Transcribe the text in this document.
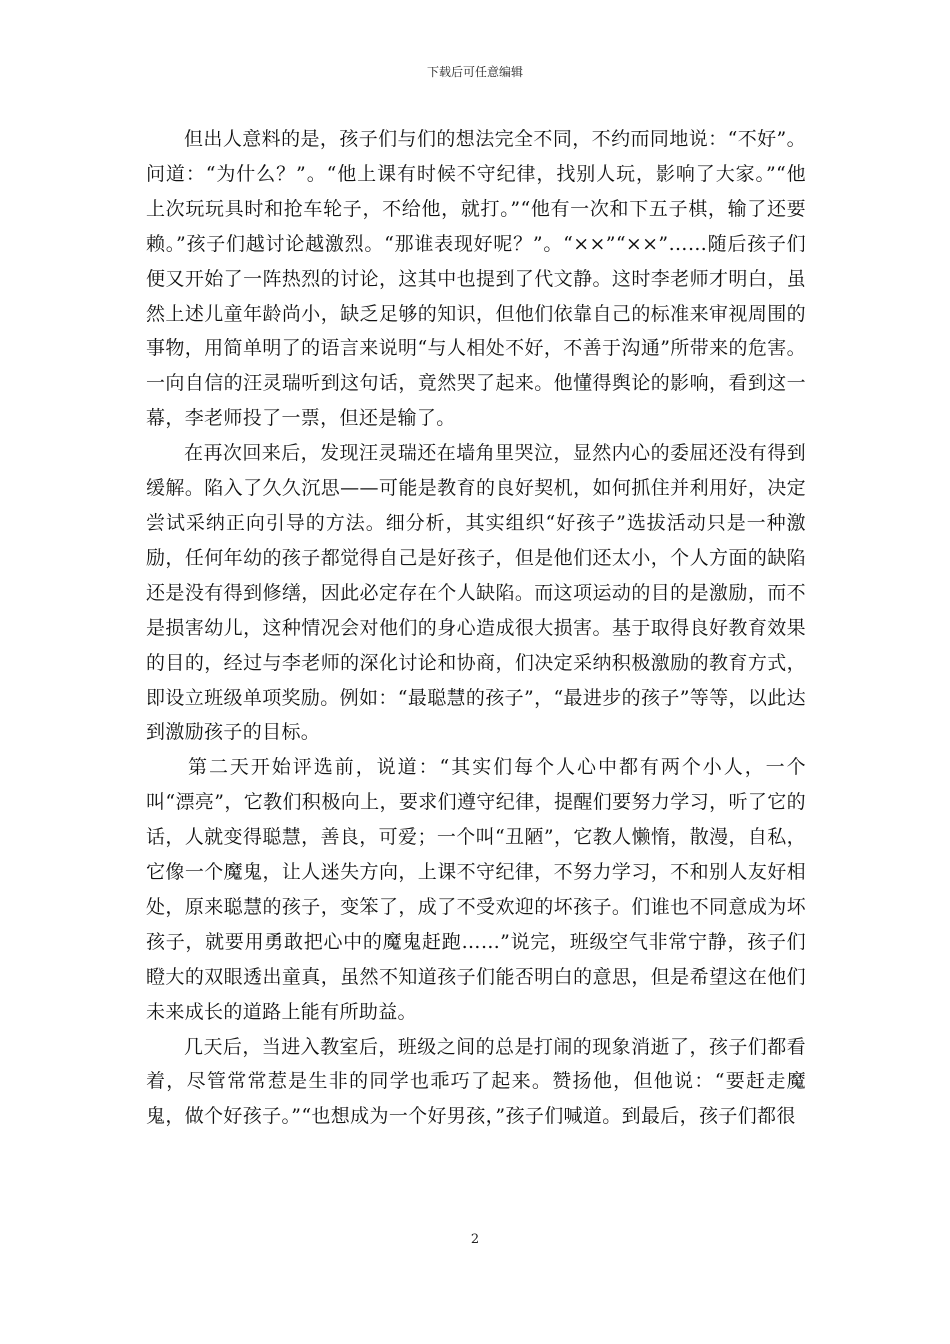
下载后可任意编辑

但出人意料的是，孩子们与们的想法完全不同，不约而同地说：“不好”。问道：“为什么？”。“他上课有时候不守纪律，找别人玩，影响了大家。”“他上次玩玩具时和抢车轮子，不给他，就打。”“他有一次和下五子棋，输了还要赖。”孩子们越讨论越激烈。“那谁表现好呢？”。“××”“××”……随后孩子们便又开始了一阵热烈的讨论，这其中也提到了代文静。这时李老师才明白，虽然上述儿童年龄尚小，缺乏足够的知识，但他们依靠自己的标准来审视周围的事物，用简单明了的语言来说明“与人相处不好，不善于沟通”所带来的危害。一向自信的汪灵瑞听到这句话，竟然哭了起来。他懂得舆论的影响，看到这一幕，李老师投了一票，但还是输了。

在再次回来后，发现汪灵瑞还在墙角里哭泣，显然内心的委屈还没有得到缓解。陷入了久久沉思——可能是教育的良好契机，如何抓住并利用好，决定尝试采纳正向引导的方法。细分析，其实组织“好孩子”选拔活动只是一种激励，任何年幼的孩子都觉得自己是好孩子，但是他们还太小，个人方面的缺陷还是没有得到修缮，因此必定存在个人缺陷。而这项运动的目的是激励，而不是损害幼儿，这种情况会对他们的身心造成很大损害。基于取得良好教育效果的目的，经过与李老师的深化讨论和协商，们决定采纳积极激励的教育方式，即设立班级单项奖励。例如：“最聪慧的孩子”，“最进步的孩子”等等，以此达到激励孩子的目标。

第二天开始评选前，说道：“其实们每个人心中都有两个小人，一个叫“漂亮”，它教们积极向上，要求们遵守纪律，提醒们要努力学习，听了它的话，人就变得聪慧，善良，可爱；一个叫“丑陋”，它教人懒惰，散漫，自私，它像一个魔鬼，让人迷失方向，上课不守纪律，不努力学习，不和别人友好相处，原来聪慧的孩子，变笨了，成了不受欢迎的坏孩子。们谁也不同意成为坏孩子，就要用勇敢把心中的魔鬼赶跑……”说完，班级空气非常宁静，孩子们瞪大的双眼透出童真，虽然不知道孩子们能否明白的意思，但是希望这在他们未来成长的道路上能有所助益。

几天后，当进入教室后，班级之间的总是打闹的现象消逝了，孩子们都看着，尽管常常惹是生非的同学也乖巧了起来。赞扬他，但他说：“要赶走魔鬼，做个好孩子。”“也想成为一个好男孩，”孩子们喊道。到最后，孩子们都很

2
